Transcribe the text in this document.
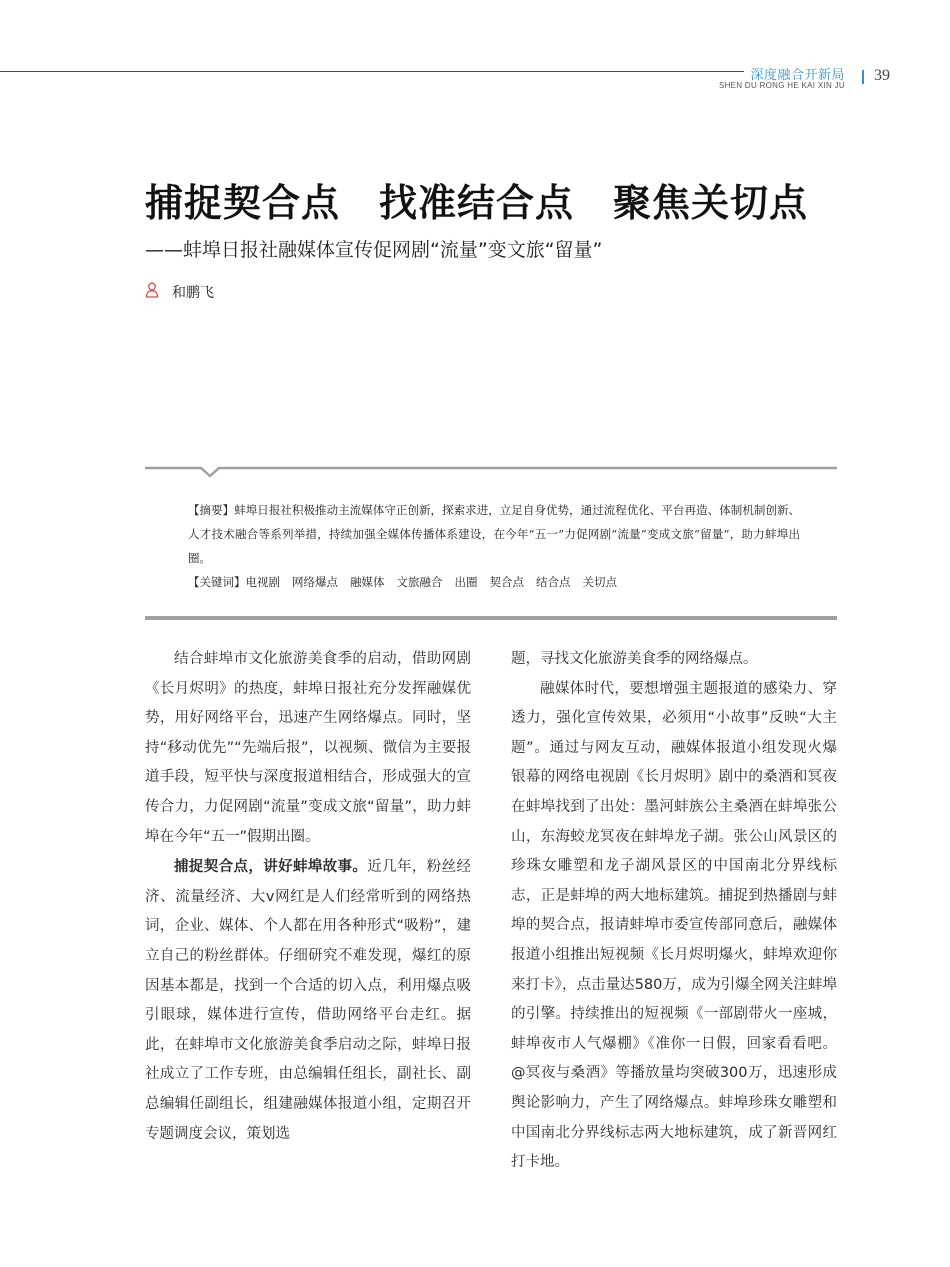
深度融合开新局
SHEN DU RONG HE KAI XIN JU
39
捕捉契合点　找准结合点　聚焦关切点
——蚌埠日报社融媒体宣传促网剧“流量”变文旅“留量”
和鹏飞

【摘要】蚌埠日报社积极推动主流媒体守正创新，探索求进，立足自身优势，通过流程优化、平台再造、体制机制创新、人才技术融合等系列举措，持续加强全媒体传播体系建设，在今年“五一”力促网剧“流量”变成文旅“留量”，助力蚌埠出圈。

【关键词】电视剧 网络爆点 融媒体 文旅融合 出圈 契合点 结合点 关切点

结合蚌埠市文化旅游美食季的启动，借助网剧《长月烬明》的热度，蚌埠日报社充分发挥融媒优势，用好网络平台，迅速产生网络爆点。同时，坚持“移动优先”“先端后报”，以视频、微信为主要报道手段，短平快与深度报道相结合，形成强大的宣传合力，力促网剧“流量”变成文旅“留量”，助力蚌埠在今年“五一”假期出圈。

捕捉契合点，讲好蚌埠故事。近几年，粉丝经济、流量经济、大v网红是人们经常听到的网络热词，企业、媒体、个人都在用各种形式“吸粉”，建立自己的粉丝群体。仔细研究不难发现，爆红的原因基本都是，找到一个合适的切入点，利用爆点吸引眼球，媒体进行宣传，借助网络平台走红。据此，在蚌埠市文化旅游美食季启动之际，蚌埠日报社成立了工作专班，由总编辑任组长，副社长、副总编辑任副组长，组建融媒体报道小组，定期召开专题调度会议，策划选

题，寻找文化旅游美食季的网络爆点。

融媒体时代，要想增强主题报道的感染力、穿透力，强化宣传效果，必须用“小故事”反映“大主题”。通过与网友互动，融媒体报道小组发现火爆银幕的网络电视剧《长月烬明》剧中的桑酒和冥夜在蚌埠找到了出处：墨河蚌族公主桑酒在蚌埠张公山，东海蛟龙冥夜在蚌埠龙子湖。张公山风景区的珍珠女雕塑和龙子湖风景区的中国南北分界线标志，正是蚌埠的两大地标建筑。捕捉到热播剧与蚌埠的契合点，报请蚌埠市委宣传部同意后，融媒体报道小组推出短视频《长月烬明爆火，蚌埠欢迎你来打卡》，点击量达580万，成为引爆全网关注蚌埠的引擎。持续推出的短视频《一部剧带火一座城，蚌埠夜市人气爆棚》《准你一日假，回家看看吧。@冥夜与桑酒》等播放量均突破300万，迅速形成舆论影响力，产生了网络爆点。蚌埠珍珠女雕塑和中国南北分界线标志两大地标建筑，成了新晋网红打卡地。
